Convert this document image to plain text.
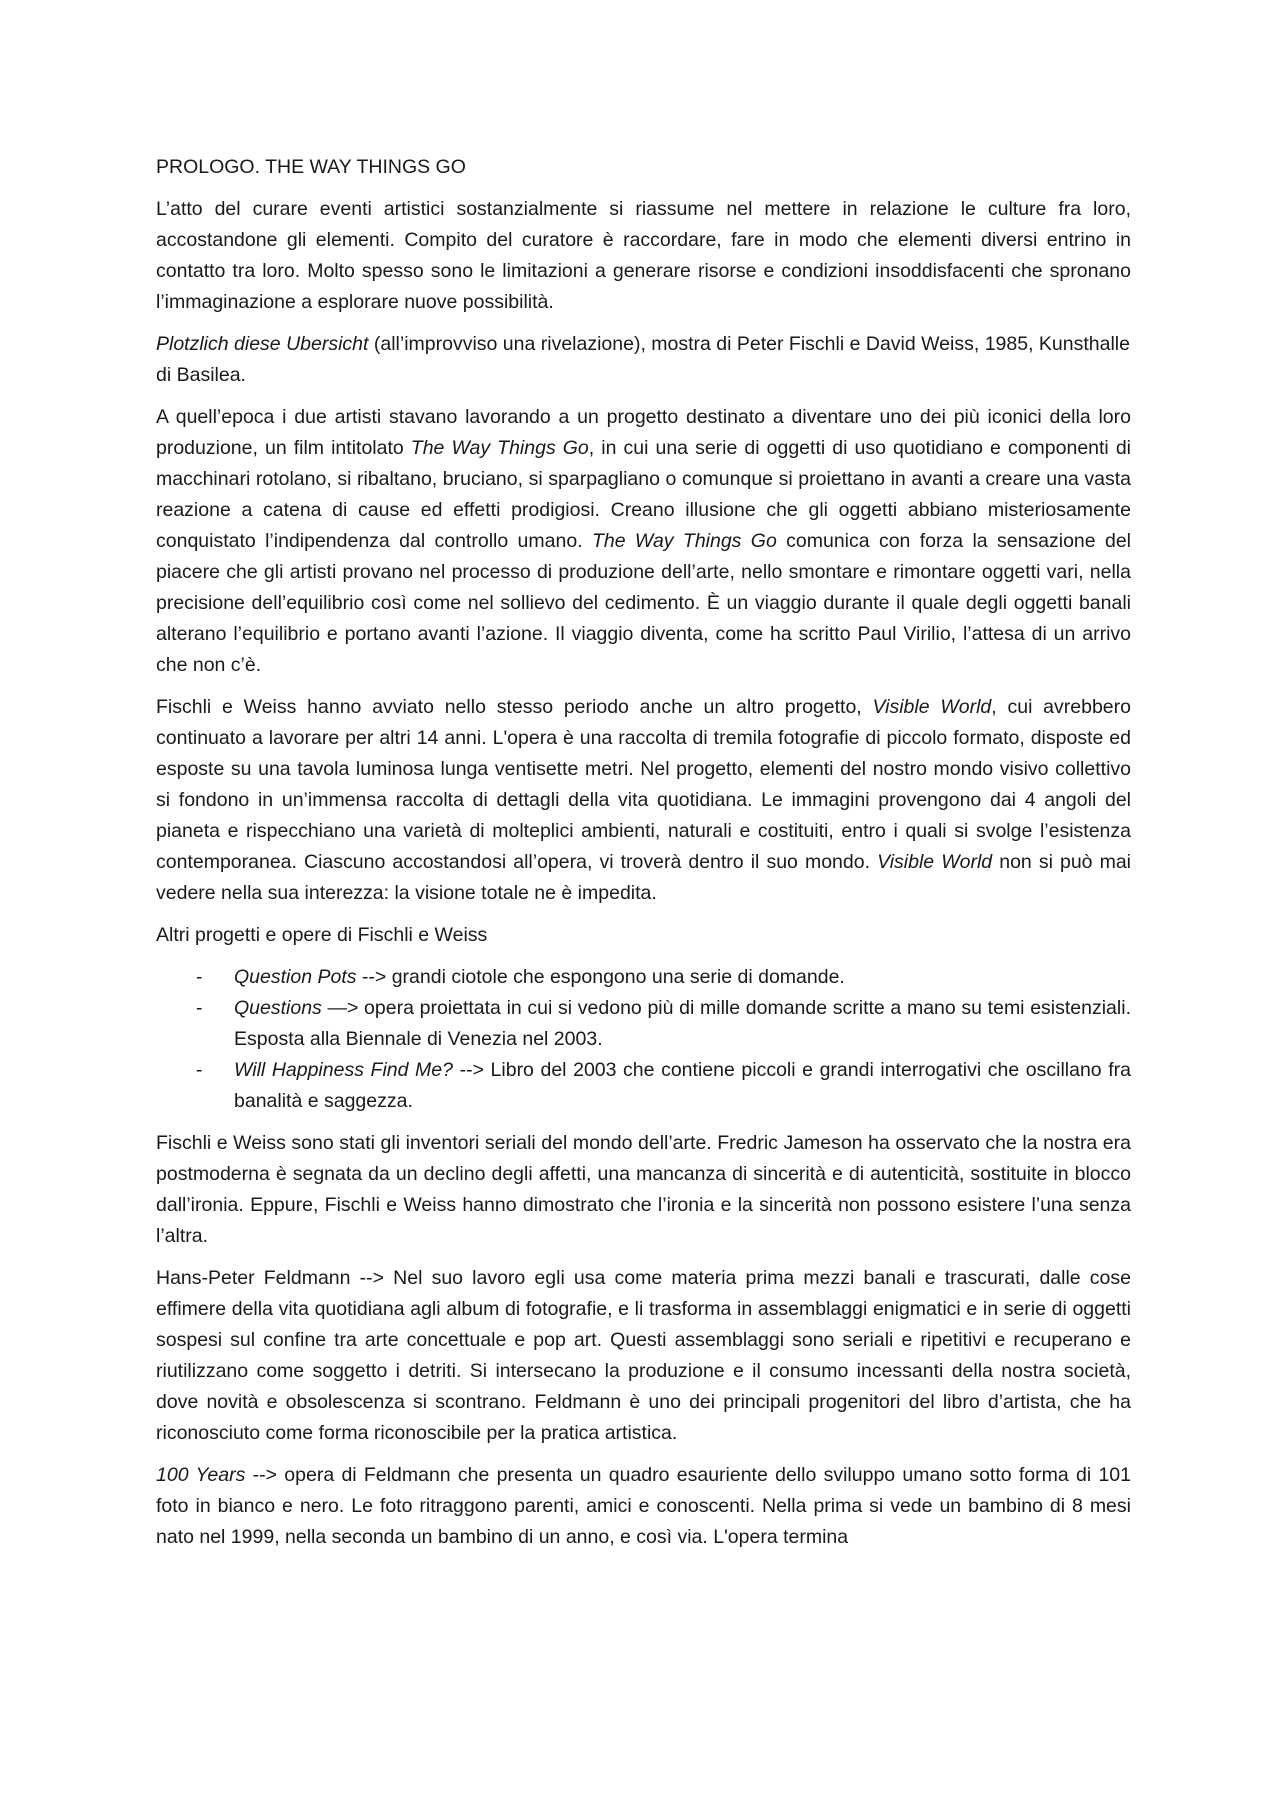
PROLOGO. THE WAY THINGS GO

L’atto del curare eventi artistici sostanzialmente si riassume nel mettere in relazione le culture fra loro, accostandone gli elementi. Compito del curatore è raccordare, fare in modo che elementi diversi entrino in contatto tra loro. Molto spesso sono le limitazioni a generare risorse e condizioni insoddisfacenti che spronano l’immaginazione a esplorare nuove possibilità.

Plotzlich diese Ubersicht (all’improvviso una rivelazione), mostra di Peter Fischli e David Weiss, 1985, Kunsthalle di Basilea.

A quell’epoca i due artisti stavano lavorando a un progetto destinato a diventare uno dei più iconici della loro produzione, un film intitolato The Way Things Go, in cui una serie di oggetti di uso quotidiano e componenti di macchinari rotolano, si ribaltano, bruciano, si sparpagliano o comunque si proiettano in avanti a creare una vasta reazione a catena di cause ed effetti prodigiosi. Creano illusione che gli oggetti abbiano misteriosamente conquistato l’indipendenza dal controllo umano. The Way Things Go comunica con forza la sensazione del piacere che gli artisti provano nel processo di produzione dell’arte, nello smontare e rimontare oggetti vari, nella precisione dell’equilibrio così come nel sollievo del cedimento. È un viaggio durante il quale degli oggetti banali alterano l’equilibrio e portano avanti l’azione. Il viaggio diventa, come ha scritto Paul Virilio, l’attesa di un arrivo che non c’è.

Fischli e Weiss hanno avviato nello stesso periodo anche un altro progetto, Visible World, cui avrebbero continuato a lavorare per altri 14 anni. L'opera è una raccolta di tremila fotografie di piccolo formato, disposte ed esposte su una tavola luminosa lunga ventisette metri. Nel progetto, elementi del nostro mondo visivo collettivo si fondono in un’immensa raccolta di dettagli della vita quotidiana. Le immagini provengono dai 4 angoli del pianeta e rispecchiano una varietà di molteplici ambienti, naturali e costituiti, entro i quali si svolge l’esistenza contemporanea. Ciascuno accostandosi all’opera, vi troverà dentro il suo mondo. Visible World non si può mai vedere nella sua interezza: la visione totale ne è impedita.

Altri progetti e opere di Fischli e Weiss

- Question Pots --> grandi ciotole che espongono una serie di domande.
- Questions —> opera proiettata in cui si vedono più di mille domande scritte a mano su temi esistenziali. Esposta alla Biennale di Venezia nel 2003.
- Will Happiness Find Me? --> Libro del 2003 che contiene piccoli e grandi interrogativi che oscillano fra banalità e saggezza.

Fischli e Weiss sono stati gli inventori seriali del mondo dell’arte. Fredric Jameson ha osservato che la nostra era postmoderna è segnata da un declino degli affetti, una mancanza di sincerità e di autenticità, sostituite in blocco dall’ironia. Eppure, Fischli e Weiss hanno dimostrato che l’ironia e la sincerità non possono esistere l’una senza l’altra.

Hans-Peter Feldmann --> Nel suo lavoro egli usa come materia prima mezzi banali e trascurati, dalle cose effimere della vita quotidiana agli album di fotografie, e li trasforma in assemblaggi enigmatici e in serie di oggetti sospesi sul confine tra arte concettuale e pop art. Questi assemblaggi sono seriali e ripetitivi e recuperano e riutilizzano come soggetto i detriti. Si intersecano la produzione e il consumo incessanti della nostra società, dove novità e obsolescenza si scontrano. Feldmann è uno dei principali progenitori del libro d’artista, che ha riconosciuto come forma riconoscibile per la pratica artistica.

100 Years --> opera di Feldmann che presenta un quadro esauriente dello sviluppo umano sotto forma di 101 foto in bianco e nero. Le foto ritraggono parenti, amici e conoscenti. Nella prima si vede un bambino di 8 mesi nato nel 1999, nella seconda un bambino di un anno, e così via. L'opera termina
